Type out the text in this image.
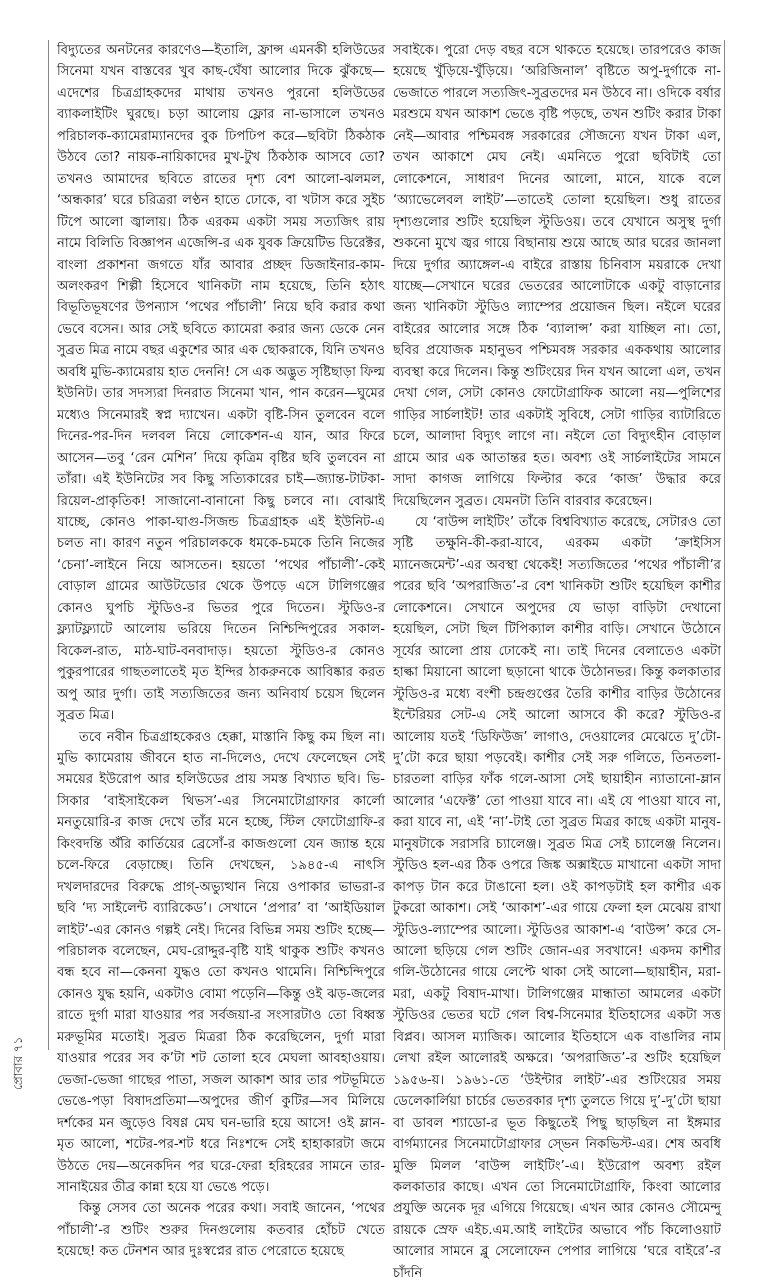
বিদ্যুতের অনটনের কারণেও—ইতালি, ফ্রান্স এমনকী হলিউডের সিনেমা যখন বাস্তবের খুব কাছ-ঘেঁষা আলোর দিকে ঝুঁকছে—এদেশের চিত্রগ্রাহকদের মাথায় তখনও পুরনো হলিউডের ব্যাকলাইটিং ঘুরছে। চড়া আলোয় ফ্লোর না-ভাসালে তখনও পরিচালক-ক্যামেরাম্যানদের বুক ঢিপঢিপ করে—ছবিটা ঠিকঠাক উঠবে তো? নায়ক-নায়িকাদের মুখ-টুখ ঠিকঠাক আসবে তো? তখনও আমাদের ছবিতে রাতের দৃশ্য বেশ আলো-ঝলমল, ‘অন্ধকার’ ঘরে চরিত্ররা লণ্ঠন হাতে ঢোকে, বা খটাস করে সুইচ টিপে আলো জ্বালায়। ঠিক এরকম একটা সময় সত্যজিৎ রায় নামে বিলিতি বিজ্ঞাপন এজেন্সি-র এক যুবক ক্রিয়েটিভ ডিরেক্টর, বাংলা প্রকাশনা জগতে যাঁর আবার প্রচ্ছদ ডিজাইনার-কাম-অলংকরণ শিল্পী হিসেবে খানিকটা নাম হয়েছে, তিনি হঠাৎ বিভূতিভূষণের উপন্যাস ‘পথের পাঁচালী’ নিয়ে ছবি করার কথা ভেবে বসেন। আর সেই ছবিতে ক্যামেরা করার জন্য ডেকে নেন সুব্রত মিত্র নামে বছর একুশের আর এক ছোকরাকে, যিনি তখনও অবধি মুভি-ক্যামেরায় হাত দেননি! সে এক অদ্ভুত সৃষ্টিছাড়া ফিল্ম ইউনিট। তার সদস্যরা দিনরাত সিনেমা খান, পান করেন—ঘুমের মধ্যেও সিনেমারই স্বপ্ন দ্যাখেন। একটা বৃষ্টি-সিন তুলবেন বলে দিনের-পর-দিন দলবল নিয়ে লোকেশন-এ যান, আর ফিরে আসেন—তবু ‘রেন মেশিন’ দিয়ে কৃত্রিম বৃষ্টির ছবি তুলবেন না তাঁরা। এই ইউনিটের সব কিছু সত্যিকারের চাই—জ্যান্ত-টাটকা-রিয়েল-প্রাকৃতিক! সাজানো-বানানো কিছু চলবে না। বোঝাই যাচ্ছে, কোনও পাকা-ঘাগু-সিজন্ড চিত্রগ্রাহক এই ইউনিট-এ চলত না। কারণ নতুন পরিচালককে ধমকে-চমকে তিনি নিজের ‘চেনা’-লাইনে নিয়ে আসতেন। হয়তো ‘পথের পাঁচালী’-কেই বোড়াল গ্রামের আউটডোর থেকে উপড়ে এসে টালিগঞ্জের কোনও ঘুপচি স্টুডিও-র ভিতর পুরে দিতেন। স্টুডিও-র ফ্ল্যাটফ্ল্যাটে আলোয় ভরিয়ে দিতেন নিশ্চিন্দিপুরের সকাল-বিকেল-রাত, মাঠ-ঘাট-বনবাদাড়। হয়তো স্টুডিও-র কোনও পুকুরপারের গাছতলাতেই মৃত ইন্দির ঠাকরুনকে আবিষ্কার করত অপু আর দুর্গা। তাই সত্যজিতের জন্য অনিবার্য চয়েস ছিলেন সুব্রত মিত্র।

তবে নবীন চিত্রগ্রাহকেরও হেক্কা, মাস্তানি কিছু কম ছিল না। মুভি ক্যামেরায় জীবনে হাত না-দিলেও, দেখে ফেলেছেন সেই সময়ের ইউরোপ আর হলিউডের প্রায় সমস্ত বিখ্যাত ছবি। ভি-সিকার ‘বাইসাইকেল থিভস’-এর সিনেমাটোগ্রাফার কার্লো মনতুয়োরি-র কাজ দেখে তাঁর মনে হচ্ছে, স্টিল ফোটোগ্রাফি-র কিংবদন্তি অঁরি কার্তিয়ের ব্রেসোঁ-র কাজগুলো যেন জ্যান্ত হয়ে চলে-ফিরে বেড়াচ্ছে। তিনি দেখছেন, ১৯৪৫-এ নাৎসি দখলদারদের বিরুদ্ধে প্রাগ্-অভ্যুত্থান নিয়ে ওপাকার ভাভরা-র ছবি ‘দ্য সাইলেন্ট ব্যারিকেড’। সেখানে ‘প্রপার’ বা ‘আইডিয়াল লাইট’-এর কোনও গল্পই নেই। দিনের বিভিন্ন সময় শুটিং হচ্ছে—পরিচালক বলেছেন, মেঘ-রোদ্দুর-বৃষ্টি যাই থাকুক শুটিং কখনও বন্ধ হবে না—কেননা যুদ্ধও তো কখনও থামেনি। নিশ্চিন্দিপুরে কোনও যুদ্ধ হয়নি, একটাও বোমা পড়েনি—কিন্তু ওই ঝড়-জলের রাতে দুর্গা মারা যাওয়ার পর সর্বজয়া-র সংসারটাও তো বিধ্বস্ত মরুভূমির মতোই। সুব্রত মিত্ররা ঠিক করেছিলেন, দুর্গা মারা যাওয়ার পরের সব ক’টা শট তোলা হবে মেঘলা আবহাওয়ায়। ভেজা-ভেজা গাছের পাতা, সজল আকাশ আর তার পটভূমিতে ভেঙে-পড়া বিষাদপ্রতিমা—অপুদের জীর্ণ কুটির—সব মিলিয়ে দর্শকের মন জুড়েও বিষণ্ণ মেঘ ঘন-ভারি হয়ে আসে! ওই ম্লান-মৃত আলো, শটের-পর-শট ধরে নিঃশব্দে সেই হাহাকারটা জমে উঠতে দেয়—অনেকদিন পর ঘরে-ফেরা হরিহরের সামনে তার-সানাইয়ের তীব্র কান্না হয়ে যা ভেঙে পড়ে।

কিন্তু সেসব তো অনেক পরের কথা। সবাই জানেন, ‘পথের পাঁচালী’-র শুটিং শুরুর দিনগুলোয় কতবার হোঁচট খেতে হয়েছে! কত টেনশন আর দুঃস্বপ্নের রাত পেরোতে হয়েছে

সবাইকে। পুরো দেড় বছর বসে থাকতে হয়েছে। তারপরেও কাজ হয়েছে খুঁড়িয়ে-খুঁড়িয়ে। ‘অরিজিনাল’ বৃষ্টিতে অপু-দুর্গাকে না-ভেজাতে পারলে সত্যজিৎ-সুব্রতদের মন উঠবে না। ওদিকে বর্ষার মরশুমে যখন আকাশ ভেঙে বৃষ্টি পড়ছে, তখন শুটিং করার টাকা নেই—আবার পশ্চিমবঙ্গ সরকারের সৌজন্যে যখন টাকা এল, তখন আকাশে মেঘ নেই। এমনিতে পুরো ছবিটাই তো লোকেশনে, সাধারণ দিনের আলো, মানে, যাকে বলে ‘অ্যাভেলেবল লাইট’—তাতেই তোলা হয়েছিল। শুধু রাতের দৃশ্যগুলোর শুটিং হয়েছিল স্টুডিওয়। তবে যেখানে অসুস্থ দুর্গা শুকনো মুখে জ্বর গায়ে বিছানায় শুয়ে আছে আর ঘরের জানলা দিয়ে দুর্গার অ্যাঙ্গেল-এ বাইরে রাস্তায় চিনিবাস ময়রাকে দেখা যাচ্ছে—সেখানে ঘরের ভেতরের আলোটাকে একটু বাড়ানোর জন্য খানিকটা স্টুডিও ল্যাম্পের প্রয়োজন ছিল। নইলে ঘরের বাইরের আলোর সঙ্গে ঠিক ‘ব্যালান্স’ করা যাচ্ছিল না। তো, ছবির প্রযোজক মহানুভব পশ্চিমবঙ্গ সরকার এককথায় আলোর ব্যবস্থা করে দিলেন। কিন্তু শুটিংয়ের দিন যখন আলো এল, তখন দেখা গেল, সেটা কোনও ফোটোগ্রাফিক আলো নয়—পুলিশের গাড়ির সার্চলাইট! তার একটাই সুবিধে, সেটা গাড়ির ব্যাটারিতে চলে, আলাদা বিদ্যুৎ লাগে না। নইলে তো বিদ্যুৎহীন বোড়াল গ্রামে আর এক আতান্তর হত। অবশ্য ওই সার্চলাইটের সামনে সাদা কাগজ লাগিয়ে ফিল্টার করে ‘কাজ’ উদ্ধার করে দিয়েছিলেন সুব্রত। যেমনটা তিনি বারবার করেছেন।

যে ‘বাউন্স লাইটিং’ তাঁকে বিশ্ববিখ্যাত করেছে, সেটারও তো সৃষ্টি তক্ষুনি-কী-করা-যাবে, এরকম একটা ‘ক্রাইসিস ম্যানেজমেন্ট’-এর অবস্থা থেকেই! সত্যজিতের ‘পথের পাঁচালী’র পরের ছবি ‘অপরাজিত’-র বেশ খানিকটা শুটিং হয়েছিল কাশীর লোকেশনে। সেখানে অপুদের যে ভাড়া বাড়িটা দেখানো হয়েছিল, সেটা ছিল টিপিক্যাল কাশীর বাড়ি। সেখানে উঠোনে সূর্যের আলো প্রায় ঢোকেই না। তাই দিনের বেলাতেও একটা হাল্কা মিয়ানো আলো ছড়ানো থাকে উঠোনভর। কিন্তু কলকাতার স্টুডিও-র মধ্যে বংশী চন্দ্রগুপ্তের তৈরি কাশীর বাড়ির উঠোনের ইন্টেরিয়র সেট-এ সেই আলো আসবে কী করে? স্টুডিও-র আলোয় যতই ‘ডিফিউজ’ লাগাও, দেওয়ালের মেঝেতে দু’টো-দু’টো করে ছায়া পড়বেই। কাশীর সেই সরু গলিতে, তিনতলা-চারতলা বাড়ির ফাঁক গলে-আসা সেই ছায়াহীন ন্যাতানো-ম্লান আলোর ‘এফেক্ট’ তো পাওয়া যাবে না। এই যে পাওয়া যাবে না, করা যাবে না, এই ‘না’-টাই তো সুব্রত মিত্রর কাছে একটা মানুষ-মানুষটাকে সরাসরি চ্যালেঞ্জ। সুব্রত মিত্র সেই চ্যালেঞ্জ নিলেন। স্টুডিও হল-এর ঠিক ওপরে জিঙ্ক অক্সাইডে মাখানো একটা সাদা কাপড় টান করে টাঙানো হল। ওই কাপড়টাই হল কাশীর এক টুকরো আকাশ। সেই ‘আকাশ’-এর গায়ে ফেলা হল মেঝেয় রাখা স্টুডিও-ল্যাম্পের আলো। স্টুডিওর আকাশ-এ ‘বাউন্স’ করে সে-আলো ছড়িয়ে গেল শুটিং জোন-এর সবখানে! একদম কাশীর গলি-উঠোনের গায়ে লেপ্টে থাকা সেই আলো—ছায়াহীন, মরা-মরা, একটু বিষাদ-মাখা। টালিগঞ্জের মান্ধাতা আমলের একটা স্টুডিওর ভেতর ঘটে গেল বিশ্ব-সিনেমার ইতিহাসের একটা সত্ত বিপ্লব। আসল ম্যাজিক। আলোর ইতিহাসে এক বাঙালির নাম লেখা রইল আলোরই অক্ষরে। ‘অপরাজিত’-র শুটিং হয়েছিল ১৯৫৬-য়। ১৯৬১-তে ‘উইন্টার লাইট’-এর শুটিংয়ের সময় ডেলেকার্লিয়া চার্চের ভেতরকার দৃশ্য তুলতে গিয়ে দু’-দু’টো ছায়া বা ডাবল শ্যাডো-র ভূত কিছুতেই পিছু ছাড়ছিল না ইঙ্গমার বার্গম্যানের সিনেমাটোগ্রাফার স্ভেন নিকভিস্ট-এর। শেষ অবধি মুক্তি মিলল ‘বাউন্স লাইটিং’-এ। ইউরোপ অবশ্য রইল কলকাতার কাছে। এখন তো সিনেমাটোগ্রাফি, কিংবা আলোর প্রযুক্তি অনেক দূর এগিয়ে গিয়েছে। এখন আর কোনও সৌমেন্দু রায়কে স্রেফ এইচ.এম.আই লাইটের অভাবে পাঁচ কিলোওয়াট আলোর সামনে ব্লু সেলোফেন পেপার লাগিয়ে ‘ঘরে বাইরে’-র চাঁদনি

প্রোবার ৭১
